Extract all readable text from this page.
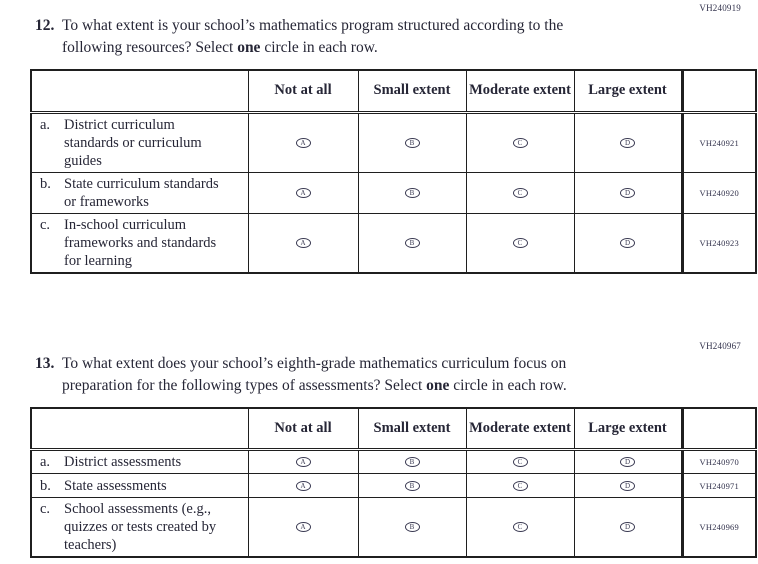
VH240919
12. To what extent is your school’s mathematics program structured according to the
following resources? Select one circle in each row.
	Not at all	Small extent	Moderate extent	Large extent	

a. District curriculum standards or curriculum guides	A	B	C	D	VH240921

b. State curriculum standards or frameworks	A	B	C	D	VH240920

c. In-school curriculum frameworks and standards for learning	A	B	C	D	VH240923
VH240967
13. To what extent does your school’s eighth-grade mathematics curriculum focus on
preparation for the following types of assessments? Select one circle in each row.
	Not at all	Small extent	Moderate extent	Large extent	

a. District assessments	A	B	C	D	VH240970

b. State assessments	A	B	C	D	VH240971

c. School assessments (e.g., quizzes or tests created by teachers)	A	B	C	D	VH240969
